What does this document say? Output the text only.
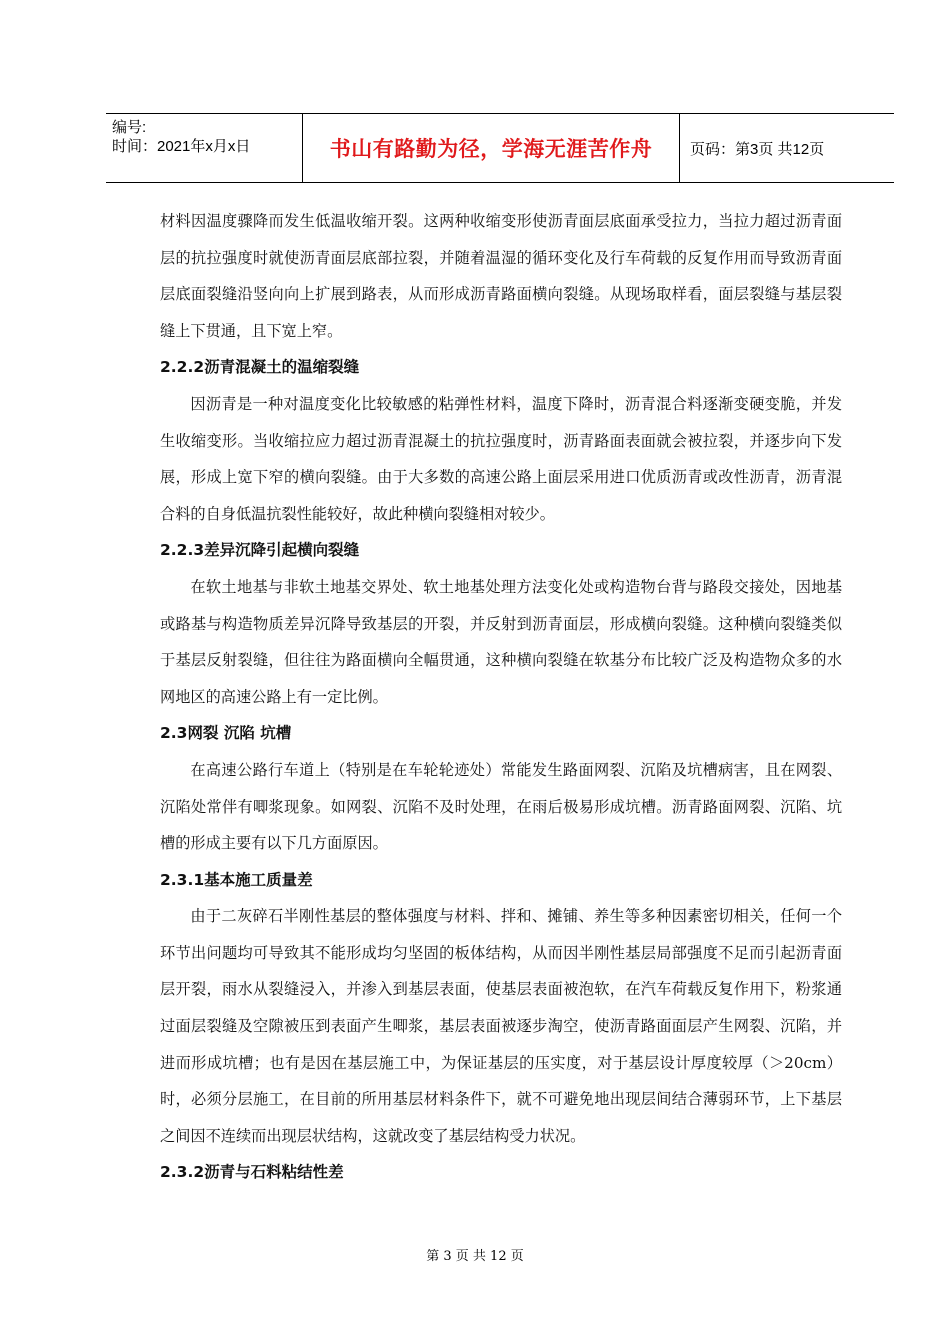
编号:
时间：2021年x月x日	书山有路勤为径，学海无涯苦作舟	页码：第3页 共12页

材料因温度骤降而发生低温收缩开裂。这两种收缩变形使沥青面层底面承受拉力，当拉力超过沥青面层的抗拉强度时就使沥青面层底部拉裂，并随着温湿的循环变化及行车荷载的反复作用而导致沥青面层底面裂缝沿竖向向上扩展到路表，从而形成沥青路面横向裂缝。从现场取样看，面层裂缝与基层裂缝上下贯通，且下宽上窄。

2.2.2沥青混凝土的温缩裂缝

因沥青是一种对温度变化比较敏感的粘弹性材料，温度下降时，沥青混合料逐渐变硬变脆，并发生收缩变形。当收缩拉应力超过沥青混凝土的抗拉强度时，沥青路面表面就会被拉裂，并逐步向下发展，形成上宽下窄的横向裂缝。由于大多数的高速公路上面层采用进口优质沥青或改性沥青，沥青混合料的自身低温抗裂性能较好，故此种横向裂缝相对较少。

2.2.3差异沉降引起横向裂缝

在软土地基与非软土地基交界处、软土地基处理方法变化处或构造物台背与路段交接处，因地基或路基与构造物质差异沉降导致基层的开裂，并反射到沥青面层，形成横向裂缝。这种横向裂缝类似于基层反射裂缝，但往往为路面横向全幅贯通，这种横向裂缝在软基分布比较广泛及构造物众多的水网地区的高速公路上有一定比例。

2.3网裂 沉陷 坑槽

在高速公路行车道上（特别是在车轮轮迹处）常能发生路面网裂、沉陷及坑槽病害，且在网裂、沉陷处常伴有唧浆现象。如网裂、沉陷不及时处理，在雨后极易形成坑槽。沥青路面网裂、沉陷、坑槽的形成主要有以下几方面原因。

2.3.1基本施工质量差

由于二灰碎石半刚性基层的整体强度与材料、拌和、摊铺、养生等多种因素密切相关，任何一个环节出问题均可导致其不能形成均匀坚固的板体结构，从而因半刚性基层局部强度不足而引起沥青面层开裂，雨水从裂缝浸入，并渗入到基层表面，使基层表面被泡软，在汽车荷载反复作用下，粉浆通过面层裂缝及空隙被压到表面产生唧浆，基层表面被逐步淘空，使沥青路面面层产生网裂、沉陷，并进而形成坑槽；也有是因在基层施工中，为保证基层的压实度，对于基层设计厚度较厚（＞20cm）时，必须分层施工，在目前的所用基层材料条件下，就不可避免地出现层间结合薄弱环节，上下基层之间因不连续而出现层状结构，这就改变了基层结构受力状况。

2.3.2沥青与石料粘结性差
第 3 页 共 12 页
